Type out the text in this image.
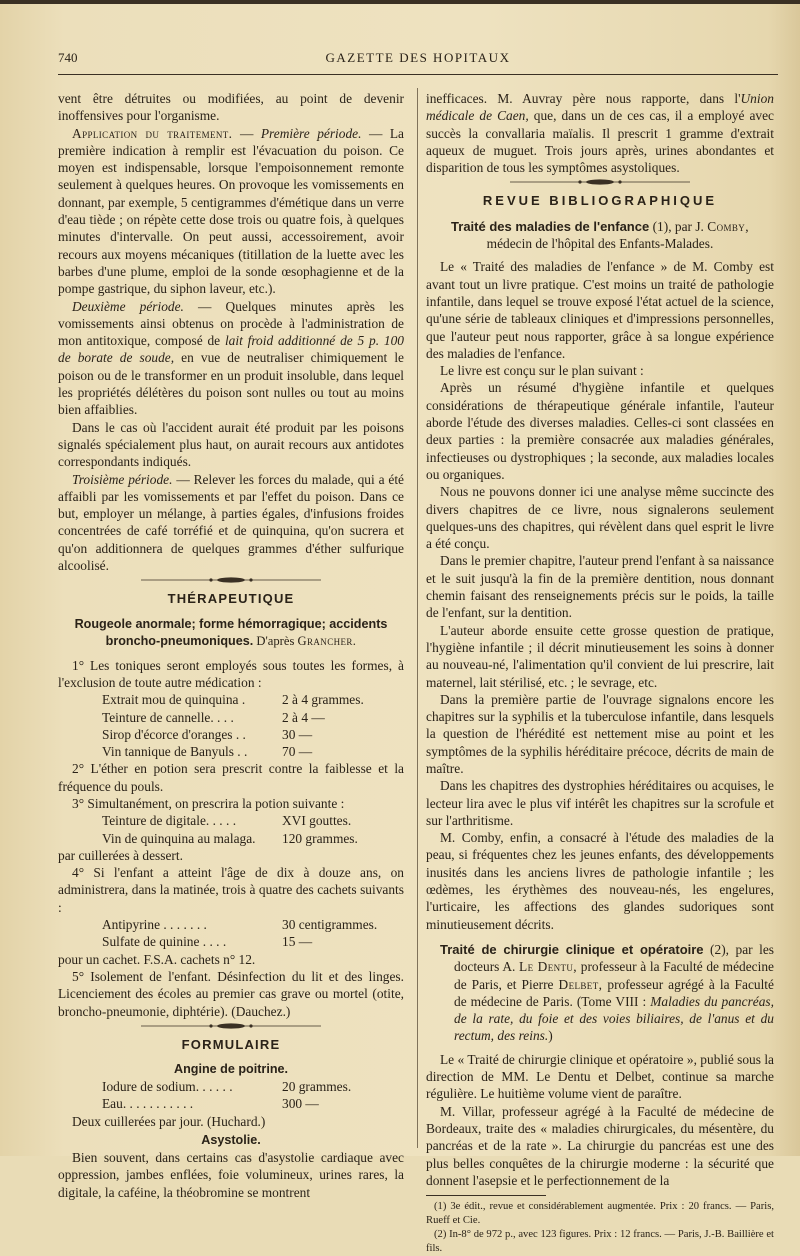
740	GAZETTE DES HOPITAUX

vent être détruites ou modifiées, au point de devenir inoffensives pour l'organisme.

Application du traitement. — Première période. — La première indication à remplir est l'évacuation du poison. Ce moyen est indispensable, lorsque l'empoisonnement remonte seulement à quelques heures. On provoque les vomissements en donnant, par exemple, 5 centigrammes d'émétique dans un verre d'eau tiède ; on répète cette dose trois ou quatre fois, à quelques minutes d'intervalle. On peut aussi, accessoirement, avoir recours aux moyens mécaniques (titillation de la luette avec les barbes d'une plume, emploi de la sonde œsophagienne et de la pompe gastrique, du siphon laveur, etc.).

Deuxième période. — Quelques minutes après les vomissements ainsi obtenus on procède à l'administration de mon antitoxique, composé de lait froid additionné de 5 p. 100 de borate de soude, en vue de neutraliser chimiquement le poison ou de le transformer en un produit insoluble, dans lequel les propriétés délétères du poison sont nulles ou tout au moins bien affaiblies.

Dans le cas où l'accident aurait été produit par les poisons signalés spécialement plus haut, on aurait recours aux antidotes correspondants indiqués.

Troisième période. — Relever les forces du malade, qui a été affaibli par les vomissements et par l'effet du poison. Dans ce but, employer un mélange, à parties égales, d'infusions froides concentrées de café torréfié et de quinquina, qu'on sucrera et qu'on additionnera de quelques grammes d'éther sulfurique alcoolisé.

THÉRAPEUTIQUE
Rougeole anormale; forme hémorragique; accidents
broncho-pneumoniques. D'après Grancher.

1° Les toniques seront employés sous toutes les formes, à l'exclusion de toute autre médication :

Extrait mou de quinquina .	2 à 4 grammes.
Teinture de cannelle. . . .	2 à 4 —
Sirop d'écorce d'oranges . .	30 —
Vin tannique de Banyuls . .	70 —

2° L'éther en potion sera prescrit contre la faiblesse et la fréquence du pouls.

3° Simultanément, on prescrira la potion suivante :

Teinture de digitale. . . . .	XVI gouttes.
Vin de quinquina au malaga.	120 grammes.

par cuillerées à dessert.

4° Si l'enfant a atteint l'âge de dix à douze ans, on administrera, dans la matinée, trois à quatre des cachets suivants :

Antipyrine . . . . . . .	30 centigrammes.
Sulfate de quinine . . . .	15 —

pour un cachet. F.S.A. cachets n° 12.

5° Isolement de l'enfant. Désinfection du lit et des linges. Licenciement des écoles au premier cas grave ou mortel (otite, broncho-pneumonie, diphtérie). (Dauchez.)

FORMULAIRE
Angine de poitrine.
Iodure de sodium. . . . . .	20 grammes.
Eau. . . . . . . . . . .	300 —

Deux cuillerées par jour. (Huchard.)

Asystolie.

Bien souvent, dans certains cas d'asystolie cardiaque avec oppression, jambes enflées, foie volumineux, urines rares, la digitale, la caféine, la théobromine se montrent

inefficaces. M. Auvray père nous rapporte, dans l'Union médicale de Caen, que, dans un de ces cas, il a employé avec succès la convallaria maïalis. Il prescrit 1 gramme d'extrait aqueux de muguet. Trois jours après, urines abondantes et disparition de tous les symptômes asystoliques.

REVUE BIBLIOGRAPHIQUE
Traité des maladies de l'enfance (1), par J. Comby,
médecin de l'hôpital des Enfants-Malades.

Le « Traité des maladies de l'enfance » de M. Comby est avant tout un livre pratique. C'est moins un traité de pathologie infantile, dans lequel se trouve exposé l'état actuel de la science, qu'une série de tableaux cliniques et d'impressions personnelles, que l'auteur peut nous rapporter, grâce à sa longue expérience des maladies de l'enfance.

Le livre est conçu sur le plan suivant :

Après un résumé d'hygiène infantile et quelques considérations de thérapeutique générale infantile, l'auteur aborde l'étude des diverses maladies. Celles-ci sont classées en deux parties : la première consacrée aux maladies générales, infectieuses ou dystrophiques ; la seconde, aux maladies locales ou organiques.

Nous ne pouvons donner ici une analyse même succincte des divers chapitres de ce livre, nous signalerons seulement quelques-uns des chapitres, qui révèlent dans quel esprit le livre a été conçu.

Dans le premier chapitre, l'auteur prend l'enfant à sa naissance et le suit jusqu'à la fin de la première dentition, nous donnant chemin faisant des renseignements précis sur le poids, la taille de l'enfant, sur la dentition.

L'auteur aborde ensuite cette grosse question de pratique, l'hygiène infantile ; il décrit minutieusement les soins à donner au nouveau-né, l'alimentation qu'il convient de lui prescrire, lait maternel, lait stérilisé, etc. ; le sevrage, etc.

Dans la première partie de l'ouvrage signalons encore les chapitres sur la syphilis et la tuberculose infantile, dans lesquels la question de l'hérédité est nettement mise au point et les symptômes de la syphilis héréditaire précoce, décrits de main de maître.

Dans les chapitres des dystrophies héréditaires ou acquises, le lecteur lira avec le plus vif intérêt les chapitres sur la scrofule et sur l'arthritisme.

M. Comby, enfin, a consacré à l'étude des maladies de la peau, si fréquentes chez les jeunes enfants, des développements inusités dans les anciens livres de pathologie infantile ; les œdèmes, les érythèmes des nouveau-nés, les engelures, l'urticaire, les affections des glandes sudoriques sont minutieusement décrits.

Traité de chirurgie clinique et opératoire (2), par les docteurs A. Le Dentu, professeur à la Faculté de médecine de Paris, et Pierre Delbet, professeur agrégé à la Faculté de médecine de Paris. (Tome VIII : Maladies du pancréas, de la rate, du foie et des voies biliaires, de l'anus et du rectum, des reins.)

Le « Traité de chirurgie clinique et opératoire », publié sous la direction de MM. Le Dentu et Delbet, continue sa marche régulière. Le huitième volume vient de paraître.

M. Villar, professeur agrégé à la Faculté de médecine de Bordeaux, traite des « maladies chirurgicales, du mésentère, du pancréas et de la rate ». La chirurgie du pancréas est une des plus belles conquêtes de la chirurgie moderne : la sécurité que donnent l'asepsie et le perfectionnement de la

(1) 3e édit., revue et considérablement augmentée. Prix : 20 francs. — Paris, Rueff et Cie.

(2) In-8° de 972 p., avec 123 figures. Prix : 12 francs. — Paris, J.-B. Baillière et fils.
